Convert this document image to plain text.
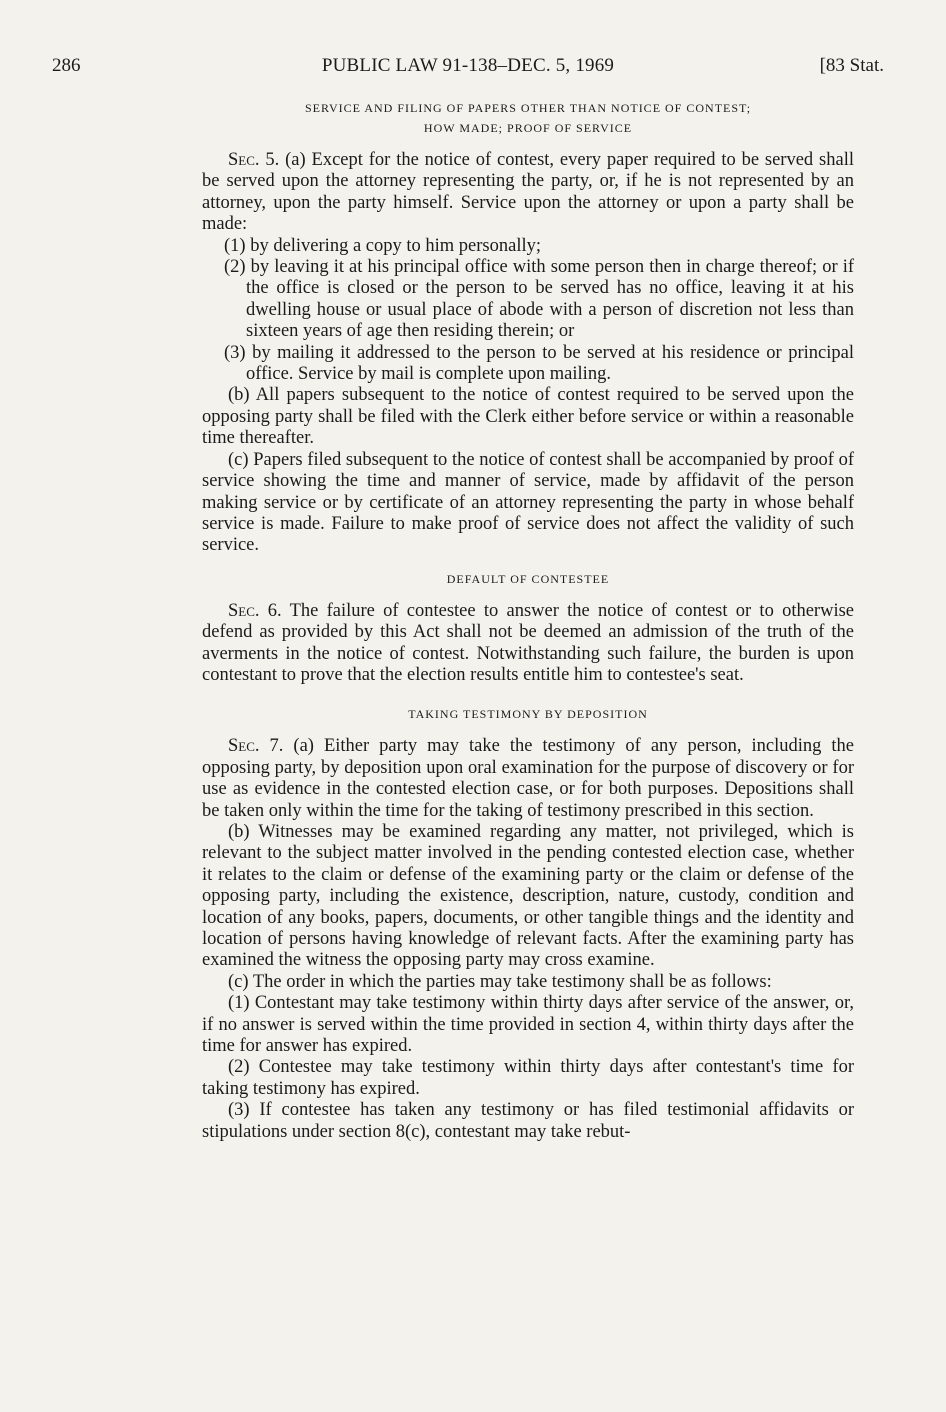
286	PUBLIC LAW 91-138–DEC. 5, 1969	[83 Stat.
SERVICE AND FILING OF PAPERS OTHER THAN NOTICE OF CONTEST;
HOW MADE; PROOF OF SERVICE

Sec. 5. (a) Except for the notice of contest, every paper required to be served shall be served upon the attorney representing the party, or, if he is not represented by an attorney, upon the party himself. Service upon the attorney or upon a party shall be made:

(1) by delivering a copy to him personally;

(2) by leaving it at his principal office with some person then in charge thereof; or if the office is closed or the person to be served has no office, leaving it at his dwelling house or usual place of abode with a person of discretion not less than sixteen years of age then residing therein; or

(3) by mailing it addressed to the person to be served at his residence or principal office. Service by mail is complete upon mailing.

(b) All papers subsequent to the notice of contest required to be served upon the opposing party shall be filed with the Clerk either before service or within a reasonable time thereafter.

(c) Papers filed subsequent to the notice of contest shall be accompanied by proof of service showing the time and manner of service, made by affidavit of the person making service or by certificate of an attorney representing the party in whose behalf service is made. Failure to make proof of service does not affect the validity of such service.

DEFAULT OF CONTESTEE

Sec. 6. The failure of contestee to answer the notice of contest or to otherwise defend as provided by this Act shall not be deemed an admission of the truth of the averments in the notice of contest. Notwithstanding such failure, the burden is upon contestant to prove that the election results entitle him to contestee's seat.

TAKING TESTIMONY BY DEPOSITION

Sec. 7. (a) Either party may take the testimony of any person, including the opposing party, by deposition upon oral examination for the purpose of discovery or for use as evidence in the contested election case, or for both purposes. Depositions shall be taken only within the time for the taking of testimony prescribed in this section.

(b) Witnesses may be examined regarding any matter, not privileged, which is relevant to the subject matter involved in the pending contested election case, whether it relates to the claim or defense of the examining party or the claim or defense of the opposing party, including the existence, description, nature, custody, condition and location of any books, papers, documents, or other tangible things and the identity and location of persons having knowledge of relevant facts. After the examining party has examined the witness the opposing party may cross examine.

(c) The order in which the parties may take testimony shall be as follows:

(1) Contestant may take testimony within thirty days after service of the answer, or, if no answer is served within the time provided in section 4, within thirty days after the time for answer has expired.

(2) Contestee may take testimony within thirty days after contestant's time for taking testimony has expired.

(3) If contestee has taken any testimony or has filed testimonial affidavits or stipulations under section 8(c), contestant may take rebut-
